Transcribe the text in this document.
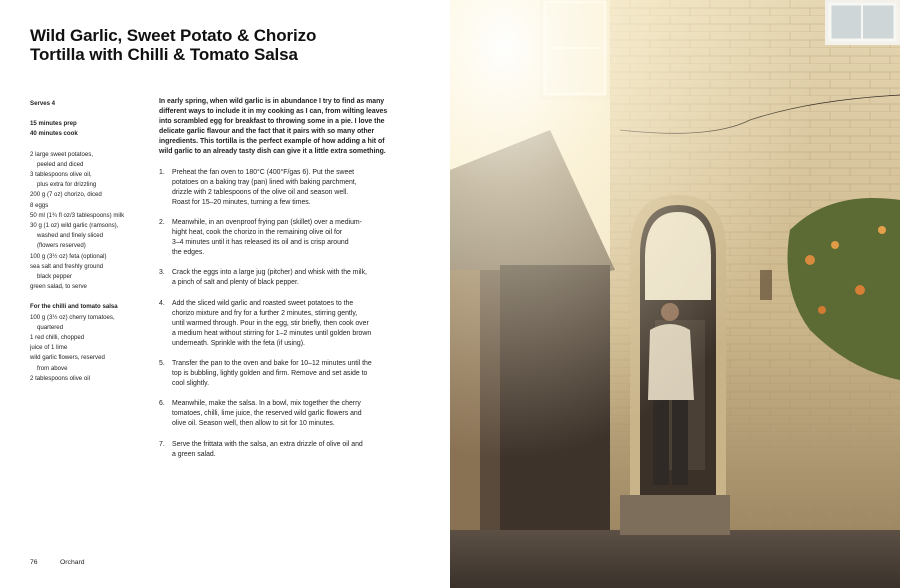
Wild Garlic, Sweet Potato & Chorizo
Tortilla with Chilli & Tomato Salsa
Serves 4
15 minutes prep
40 minutes cook
2 large sweet potatoes,
peeled and diced
3 tablespoons olive oil,
plus extra for drizzling
200 g (7 oz) chorizo, diced
8 eggs
50 ml (1¾ fl oz/3 tablespoons) milk
30 g (1 oz) wild garlic (ramsons),
washed and finely sliced
(flowers reserved)
100 g (3½ oz) feta (optional)
sea salt and freshly ground
black pepper
green salad, to serve
For the chilli and tomato salsa
100 g (3½ oz) cherry tomatoes,
quartered
1 red chilli, chopped
juice of 1 lime
wild garlic flowers, reserved
from above
2 tablespoons olive oil
In early spring, when wild garlic is in abundance I try to find as many
different ways to include it in my cooking as I can, from wilting leaves
into scrambled egg for breakfast to throwing some in a pie. I love the
delicate garlic flavour and the fact that it pairs with so many other
ingredients. This tortilla is the perfect example of how adding a hit of
wild garlic to an already tasty dish can give it a little extra something.
1. Preheat the fan oven to 180°C (400°F/gas 6). Put the sweet
potatoes on a baking tray (pan) lined with baking parchment,
drizzle with 2 tablespoons of the olive oil and season well.
Roast for 15–20 minutes, turning a few times.
2. Meanwhile, in an ovenproof frying pan (skillet) over a medium-
hight heat, cook the chorizo in the remaining olive oil for
3–4 minutes until it has released its oil and is crisp around
the edges.
3. Crack the eggs into a large jug (pitcher) and whisk with the milk,
a pinch of salt and plenty of black pepper.
4. Add the sliced wild garlic and roasted sweet potatoes to the
chorizo mixture and fry for a further 2 minutes, stirring gently,
until warmed through. Pour in the egg, stir briefly, then cook over
a medium heat without stirring for 1–2 minutes until golden brown
underneath. Sprinkle with the feta (if using).
5. Transfer the pan to the oven and bake for 10–12 minutes until the
top is bubbling, lightly golden and firm. Remove and set aside to
cool slightly.
6. Meanwhile, make the salsa. In a bowl, mix together the cherry
tomatoes, chilli, lime juice, the reserved wild garlic flowers and
olive oil. Season well, then allow to sit for 10 minutes.
7. Serve the frittata with the salsa, an extra drizzle of olive oil and
a green salad.
76	Orchard
